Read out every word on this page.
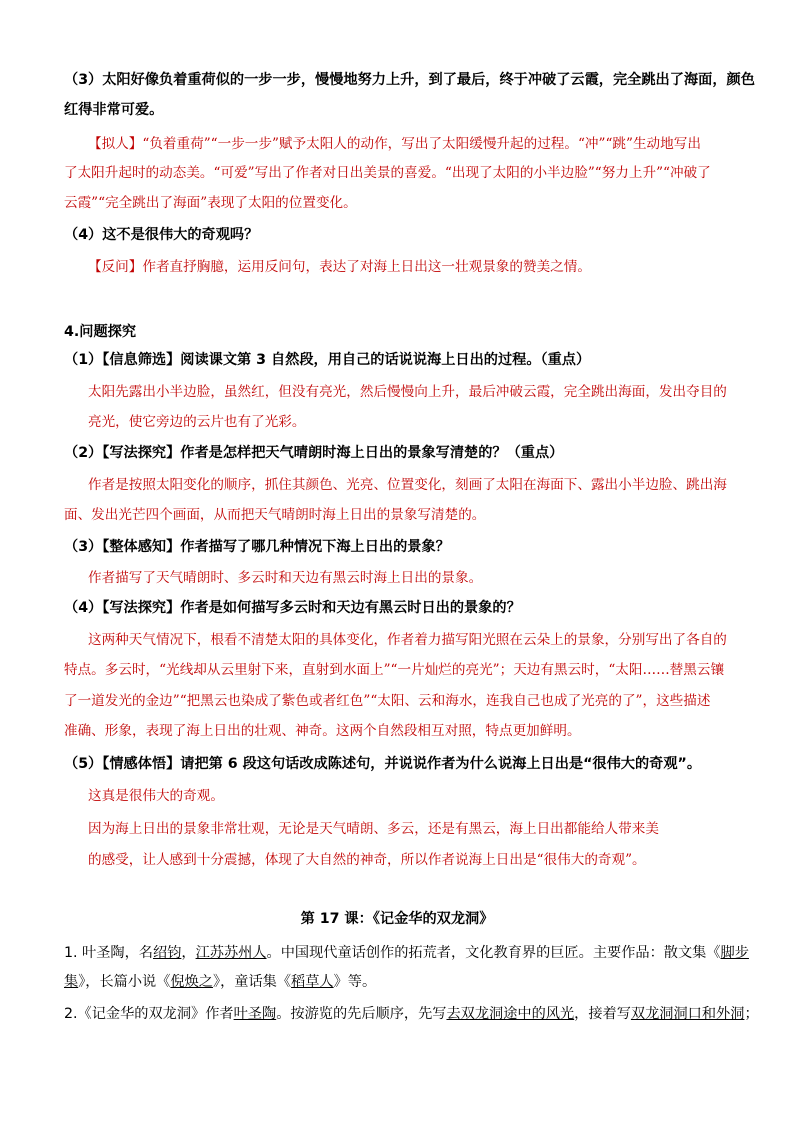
（3）太阳好像负着重荷似的一步一步，慢慢地努力上升，到了最后，终于冲破了云霞，完全跳出了海面，颜色
红得非常可爱。
【拟人】“负着重荷”“一步一步”赋予太阳人的动作，写出了太阳缓慢升起的过程。“冲”“跳”生动地写出
了太阳升起时的动态美。“可爱”写出了作者对日出美景的喜爱。“出现了太阳的小半边脸”“努力上升”“冲破了
云霞”“完全跳出了海面”表现了太阳的位置变化。
（4）这不是很伟大的奇观吗？
【反问】作者直抒胸臆，运用反问句，表达了对海上日出这一壮观景象的赞美之情。
4.问题探究
（1）【信息筛选】阅读课文第 3 自然段，用自己的话说说海上日出的过程。（重点）
太阳先露出小半边脸，虽然红，但没有亮光，然后慢慢向上升，最后冲破云霞，完全跳出海面，发出夺目的
亮光，使它旁边的云片也有了光彩。
（2）【写法探究】作者是怎样把天气晴朗时海上日出的景象写清楚的？（重点）
作者是按照太阳变化的顺序，抓住其颜色、光亮、位置变化，刻画了太阳在海面下、露出小半边脸、跳出海
面、发出光芒四个画面，从而把天气晴朗时海上日出的景象写清楚的。
（3）【整体感知】作者描写了哪几种情况下海上日出的景象？
作者描写了天气晴朗时、多云时和天边有黑云时海上日出的景象。
（4）【写法探究】作者是如何描写多云时和天边有黑云时日出的景象的？
这两种天气情况下，根看不清楚太阳的具体变化，作者着力描写阳光照在云朵上的景象，分别写出了各自的
特点。多云时，“光线却从云里射下来，直射到水面上”“一片灿烂的亮光”；天边有黑云时，“太阳……替黑云镶
了一道发光的金边”“把黑云也染成了紫色或者红色”“太阳、云和海水，连我自己也成了光亮的了”，这些描述
准确、形象，表现了海上日出的壮观、神奇。这两个自然段相互对照，特点更加鲜明。
（5）【情感体悟】请把第 6 段这句话改成陈述句，并说说作者为什么说海上日出是“很伟大的奇观”。
这真是很伟大的奇观。
因为海上日出的景象非常壮观，无论是天气晴朗、多云，还是有黑云，海上日出都能给人带来美
的感受，让人感到十分震撼，体现了大自然的神奇，所以作者说海上日出是“很伟大的奇观”。
第 17 课：《记金华的双龙洞》
1. 叶圣陶，名绍钧，江苏苏州人。中国现代童话创作的拓荒者，文化教育界的巨匠。主要作品：散文集《脚步
集》，长篇小说《倪焕之》，童话集《稻草人》等。
2.《记金华的双龙洞》作者叶圣陶。按游览的先后顺序，先写去双龙洞途中的风光，接着写双龙洞洞口和外洞；
